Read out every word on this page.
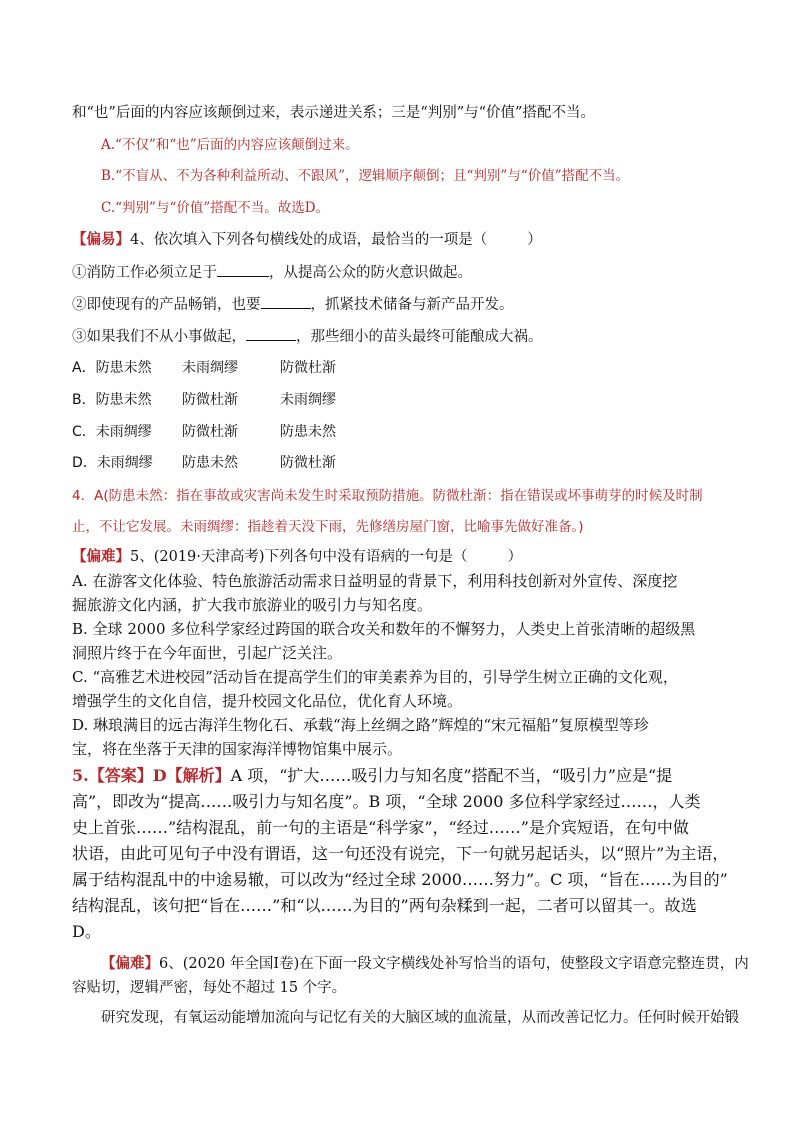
和“也”后面的内容应该颠倒过来，表示递进关系；三是“判别”与“价值”搭配不当。
A.“不仅”和“也”后面的内容应该颠倒过来。
B.“不盲从、不为各种利益所动、不跟风”，逻辑顺序颠倒；且“判别”与“价值”搭配不当。
C.“判别”与“价值”搭配不当。故选D。
【偏易】4、依次填入下列各句横线处的成语，最恰当的一项是（	）
①消防工作必须立足于	，从提高公众的防火意识做起。
②即使现有的产品畅销，也要	，抓紧技术储备与新产品开发。
③如果我们不从小事做起，	，那些细小的苗头最终可能酿成大祸。
A．防患未然 未雨绸缪	防微杜渐
B．防患未然 防微杜渐	未雨绸缪
C．未雨绸缪 防微杜渐	防患未然
D．未雨绸缪 防患未然	防微杜渐
4．A(防患未然：指在事故或灾害尚未发生时采取预防措施。防微杜渐：指在错误或坏事萌芽的时候及时制
止，不让它发展。未雨绸缪：指趁着天没下雨，先修缮房屋门窗，比喻事先做好准备。)
【偏难】5、(2019·天津高考)下列各句中没有语病的一句是（	）
A. 在游客文化体验、特色旅游活动需求日益明显的背景下，利用科技创新对外宣传、深度挖
掘旅游文化内涵，扩大我市旅游业的吸引力与知名度。
B. 全球 2000 多位科学家经过跨国的联合攻关和数年的不懈努力，人类史上首张清晰的超级黑
洞照片终于在今年面世，引起广泛关注。
C. “高雅艺术进校园”活动旨在提高学生们的审美素养为目的，引导学生树立正确的文化观，
增强学生的文化自信，提升校园文化品位，优化育人环境。
D. 琳琅满目的远古海洋生物化石、承载“海上丝绸之路”辉煌的“宋元福船”复原模型等珍
宝，将在坐落于天津的国家海洋博物馆集中展示。
5.【答案】D【解析】A 项，“扩大……吸引力与知名度”搭配不当，“吸引力”应是“提
高”，即改为“提高……吸引力与知名度”。B 项，“全球 2000 多位科学家经过……，人类
史上首张……”结构混乱，前一句的主语是“科学家”，“经过……”是介宾短语，在句中做
状语，由此可见句子中没有谓语，这一句还没有说完，下一句就另起话头，以“照片”为主语，
属于结构混乱中的中途易辙，可以改为“经过全球 2000……努力”。C 项，“旨在……为目的”
结构混乱，该句把“旨在……”和“以……为目的”两句杂糅到一起，二者可以留其一。故选
D。
【偏难】6、(2020 年全国Ⅰ卷)在下面一段文字横线处补写恰当的语句，使整段文字语意完整连贯，内
容贴切，逻辑严密，每处不超过 15 个字。
研究发现，有氧运动能增加流向与记忆有关的大脑区域的血流量，从而改善记忆力。任何时候开始锻
